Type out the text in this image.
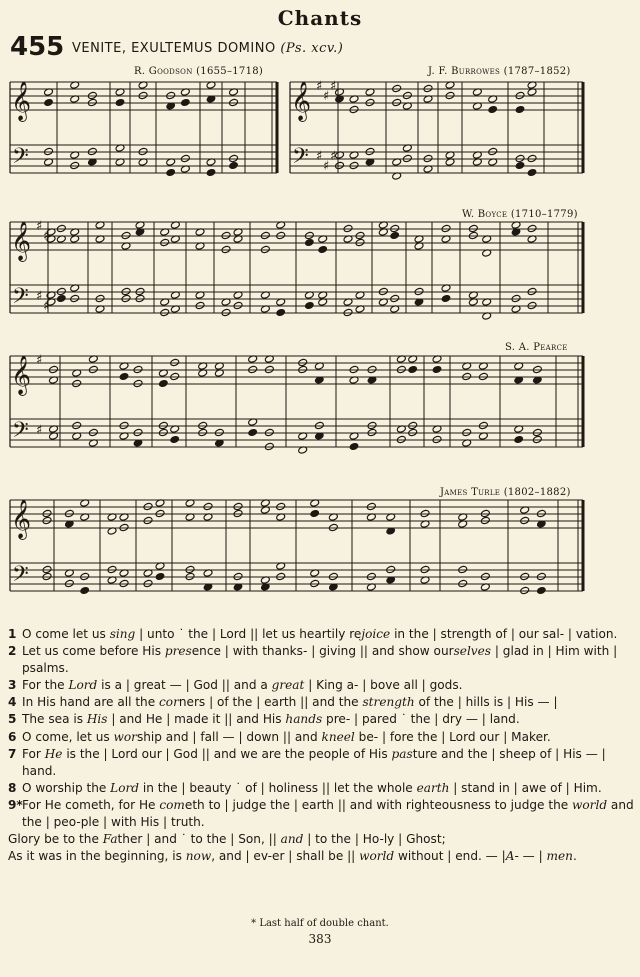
Chants
455 VENITE, EXULTEMUS DOMINO (Ps. xcv.)
R. Goodson (1655–1718)	J. F. Burrowes (1787–1852)
W. Boyce (1710–1779)
S. A. Pearce
James Turle (1802–1882)
𝄞
𝄢
𝄞
𝄢
♯
♯
♯
♯
♯
♯
𝄞
𝄢
♯
♯
♯
♯
𝄞
𝄢
♯
♯
𝄞
𝄢
1 O come let us sing | unto ˙ the | Lord || let us heartily rejoice in the | strength of | our sal- | vation.
2 Let us come before His presence | with thanks- | giving || and show ourselves | glad in | Him with | psalms.
3 For the Lord is a | great — | God || and a great | King a- | bove all | gods.
4 In His hand are all the corners | of the | earth || and the strength of the | hills is | His — |
5 The sea is His | and He | made it || and His hands pre- | pared ˙ the | dry — | land.
6 O come, let us worship and | fall — | down || and kneel be- | fore the | Lord our | Maker.
7 For He is the | Lord our | God || and we are the people of His pasture and the | sheep of | His — | hand.
8 O worship the Lord in the | beauty ˙ of | holiness || let the whole earth | stand in | awe of | Him.
9* For He cometh, for He cometh to | judge the | earth || and with righteousness to judge the world and the | peo-ple | with His | truth.
Glory be to the Father | and ˙ to the | Son, || and | to the | Ho-ly | Ghost;
As it was in the beginning, is now, and | ev-er | shall be || world without | end. — |A- — | men.
* Last half of double chant.
383
